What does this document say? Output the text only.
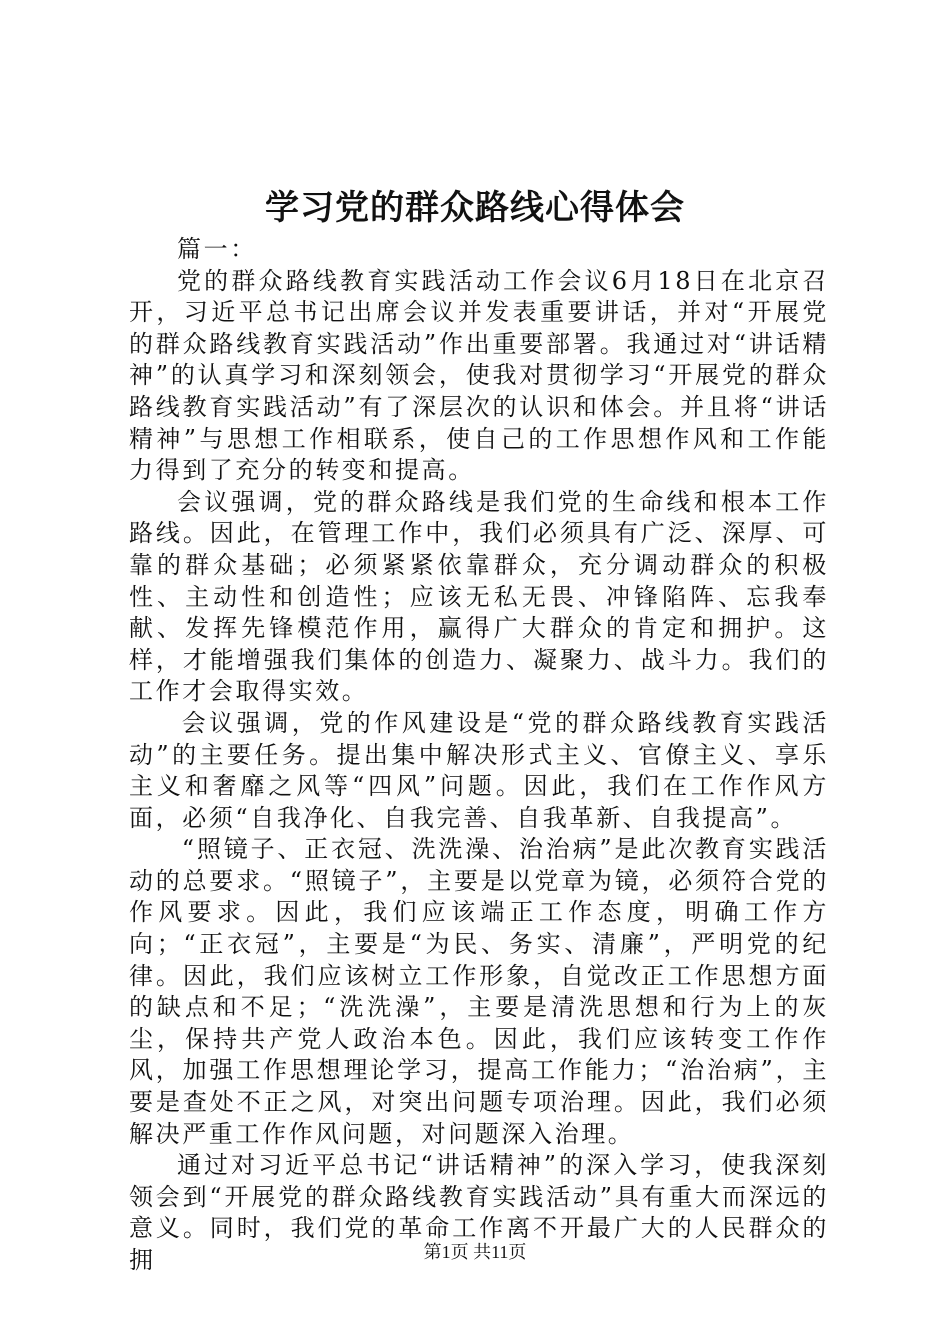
学习党的群众路线心得体会

篇一：

党的群众路线教育实践活动工作会议6月18日在北京召开，习近平总书记出席会议并发表重要讲话，并对“开展党的群众路线教育实践活动”作出重要部署。我通过对“讲话精神”的认真学习和深刻领会，使我对贯彻学习“开展党的群众路线教育实践活动”有了深层次的认识和体会。并且将“讲话精神”与思想工作相联系，使自己的工作思想作风和工作能力得到了充分的转变和提高。

会议强调，党的群众路线是我们党的生命线和根本工作路线。因此，在管理工作中，我们必须具有广泛、深厚、可靠的群众基础；必须紧紧依靠群众，充分调动群众的积极性、主动性和创造性；应该无私无畏、冲锋陷阵、忘我奉献、发挥先锋模范作用，赢得广大群众的肯定和拥护。这样，才能增强我们集体的创造力、凝聚力、战斗力。我们的工作才会取得实效。

会议强调，党的作风建设是“党的群众路线教育实践活动”的主要任务。提出集中解决形式主义、官僚主义、享乐主义和奢靡之风等“四风”问题。因此，我们在工作作风方面，必须“自我净化、自我完善、自我革新、自我提高”。

“照镜子、正衣冠、洗洗澡、治治病”是此次教育实践活动的总要求。“照镜子”，主要是以党章为镜，必须符合党的作风要求。因此，我们应该端正工作态度，明确工作方向；“正衣冠”，主要是“为民、务实、清廉”，严明党的纪律。因此，我们应该树立工作形象，自觉改正工作思想方面的缺点和不足；“洗洗澡”，主要是清洗思想和行为上的灰尘，保持共产党人政治本色。因此，我们应该转变工作作风，加强工作思想理论学习，提高工作能力；“治治病”，主要是查处不正之风，对突出问题专项治理。因此，我们必须解决严重工作作风问题，对问题深入治理。

通过对习近平总书记“讲话精神”的深入学习，使我深刻领会到“开展党的群众路线教育实践活动”具有重大而深远的意义。同时，我们党的革命工作离不开最广大的人民群众的拥	第1页 共11页
